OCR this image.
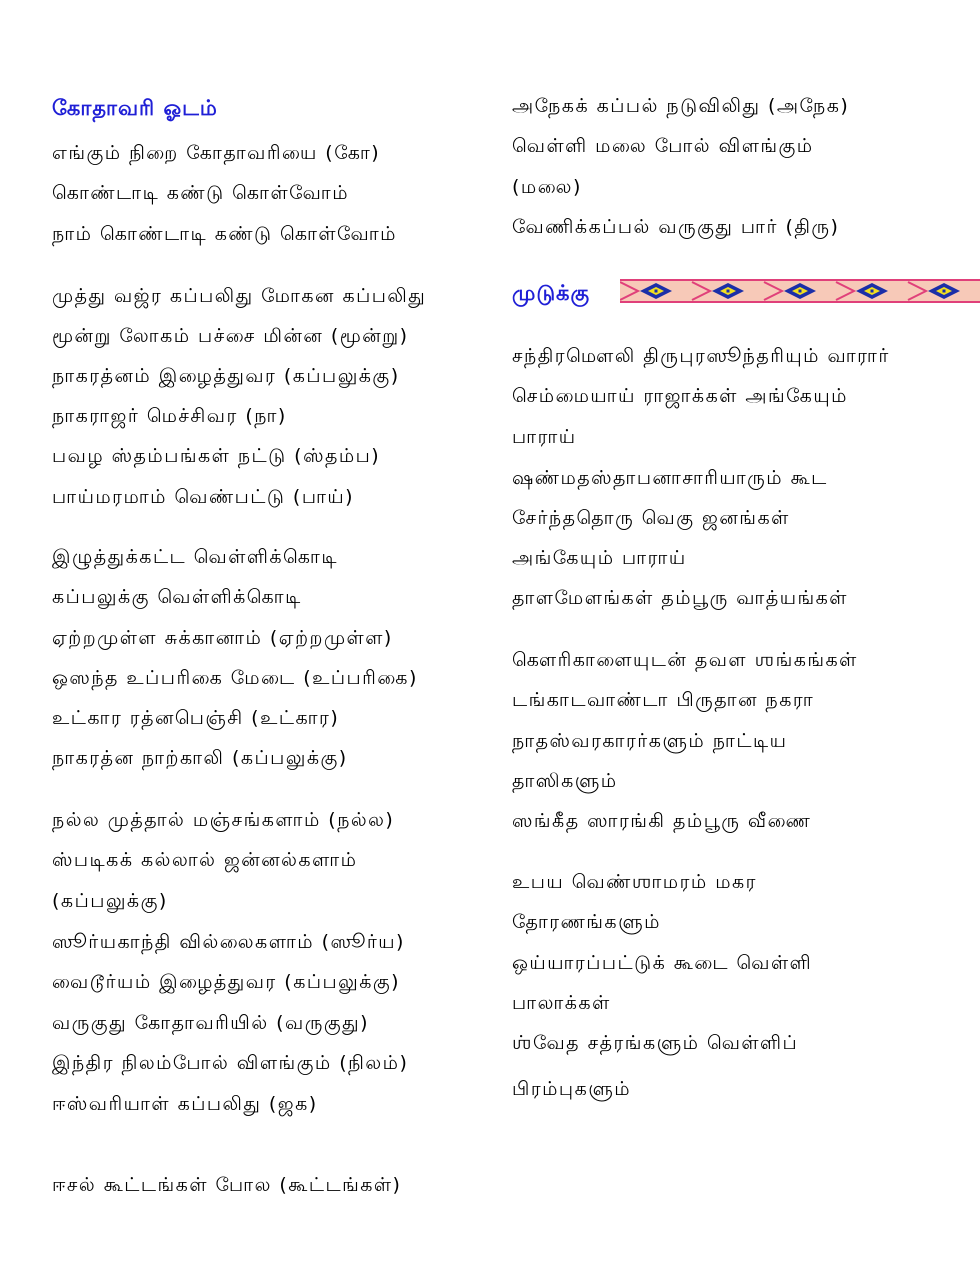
கோதாவரி ஓடம்
எங்கும் நிறை கோதாவரியை (கோ)
கொண்டாடி கண்டு கொள்வோம்
நாம் கொண்டாடி கண்டு கொள்வோம்
முத்து வஜ்ர கப்பலிது மோகன கப்பலிது
மூன்று லோகம் பச்சை மின்ன (மூன்று)
நாகரத்னம் இழைத்துவர (கப்பலுக்கு)
நாகராஜர் மெச்சிவர (நா)
பவழ ஸ்தம்பங்கள் நட்டு (ஸ்தம்ப)
பாய்மரமாம் வெண்பட்டு (பாய்)
இழுத்துக்கட்ட வெள்ளிக்கொடி
கப்பலுக்கு வெள்ளிக்கொடி
ஏற்றமுள்ள சுக்கானாம் (ஏற்றமுள்ள)
ஒஸந்த உப்பரிகை மேடை (உப்பரிகை)
உட்கார ரத்னபெஞ்சி (உட்கார)
நாகரத்ன நாற்காலி (கப்பலுக்கு)
நல்ல முத்தால் மஞ்சங்களாம் (நல்ல)
ஸ்படிகக் கல்லால் ஜன்னல்களாம்
(கப்பலுக்கு)
ஸூர்யகாந்தி வில்லைகளாம் (ஸூர்ய)
வைடூர்யம் இழைத்துவர (கப்பலுக்கு)
வருகுது கோதாவரியில் (வருகுது)
இந்திர நிலம்போல் விளங்கும் (நிலம்)
ஈஸ்வரியாள் கப்பலிது (ஜக)
ஈசல் கூட்டங்கள் போல (கூட்டங்கள்)
அநேகக் கப்பல் நடுவிலிது (அநேக)
வெள்ளி மலை போல் விளங்கும்
(மலை)
வேணிக்கப்பல் வருகுது பார் (திரு)
முடுக்கு
சந்திரமௌலி திருபுரஸூந்தரியும் வாரார்
செம்மையாய் ராஜாக்கள் அங்கேயும்
பாராய்
ஷண்மதஸ்தாபனாசாரியாரும் கூட
சேர்ந்ததொரு வெகு ஜனங்கள்
அங்கேயும் பாராய்
தாளமேளங்கள் தம்பூரு வாத்யங்கள்
கௌரிகாளையுடன் தவள ஶங்கங்கள்
டங்காடவாண்டா பிருதான நகரா
நாதஸ்வரகாரர்களும் நாட்டிய
தாஸிகளும்
ஸங்கீத ஸாரங்கி தம்பூரு வீணை
உபய வெண்ஶாமரம் மகர
தோரணங்களும்
ஒய்யாரப்பட்டுக் கூடை வெள்ளி
பாலாக்கள்
ஶ்வேத சத்ரங்களும் வெள்ளிப்
பிரம்புகளும்
